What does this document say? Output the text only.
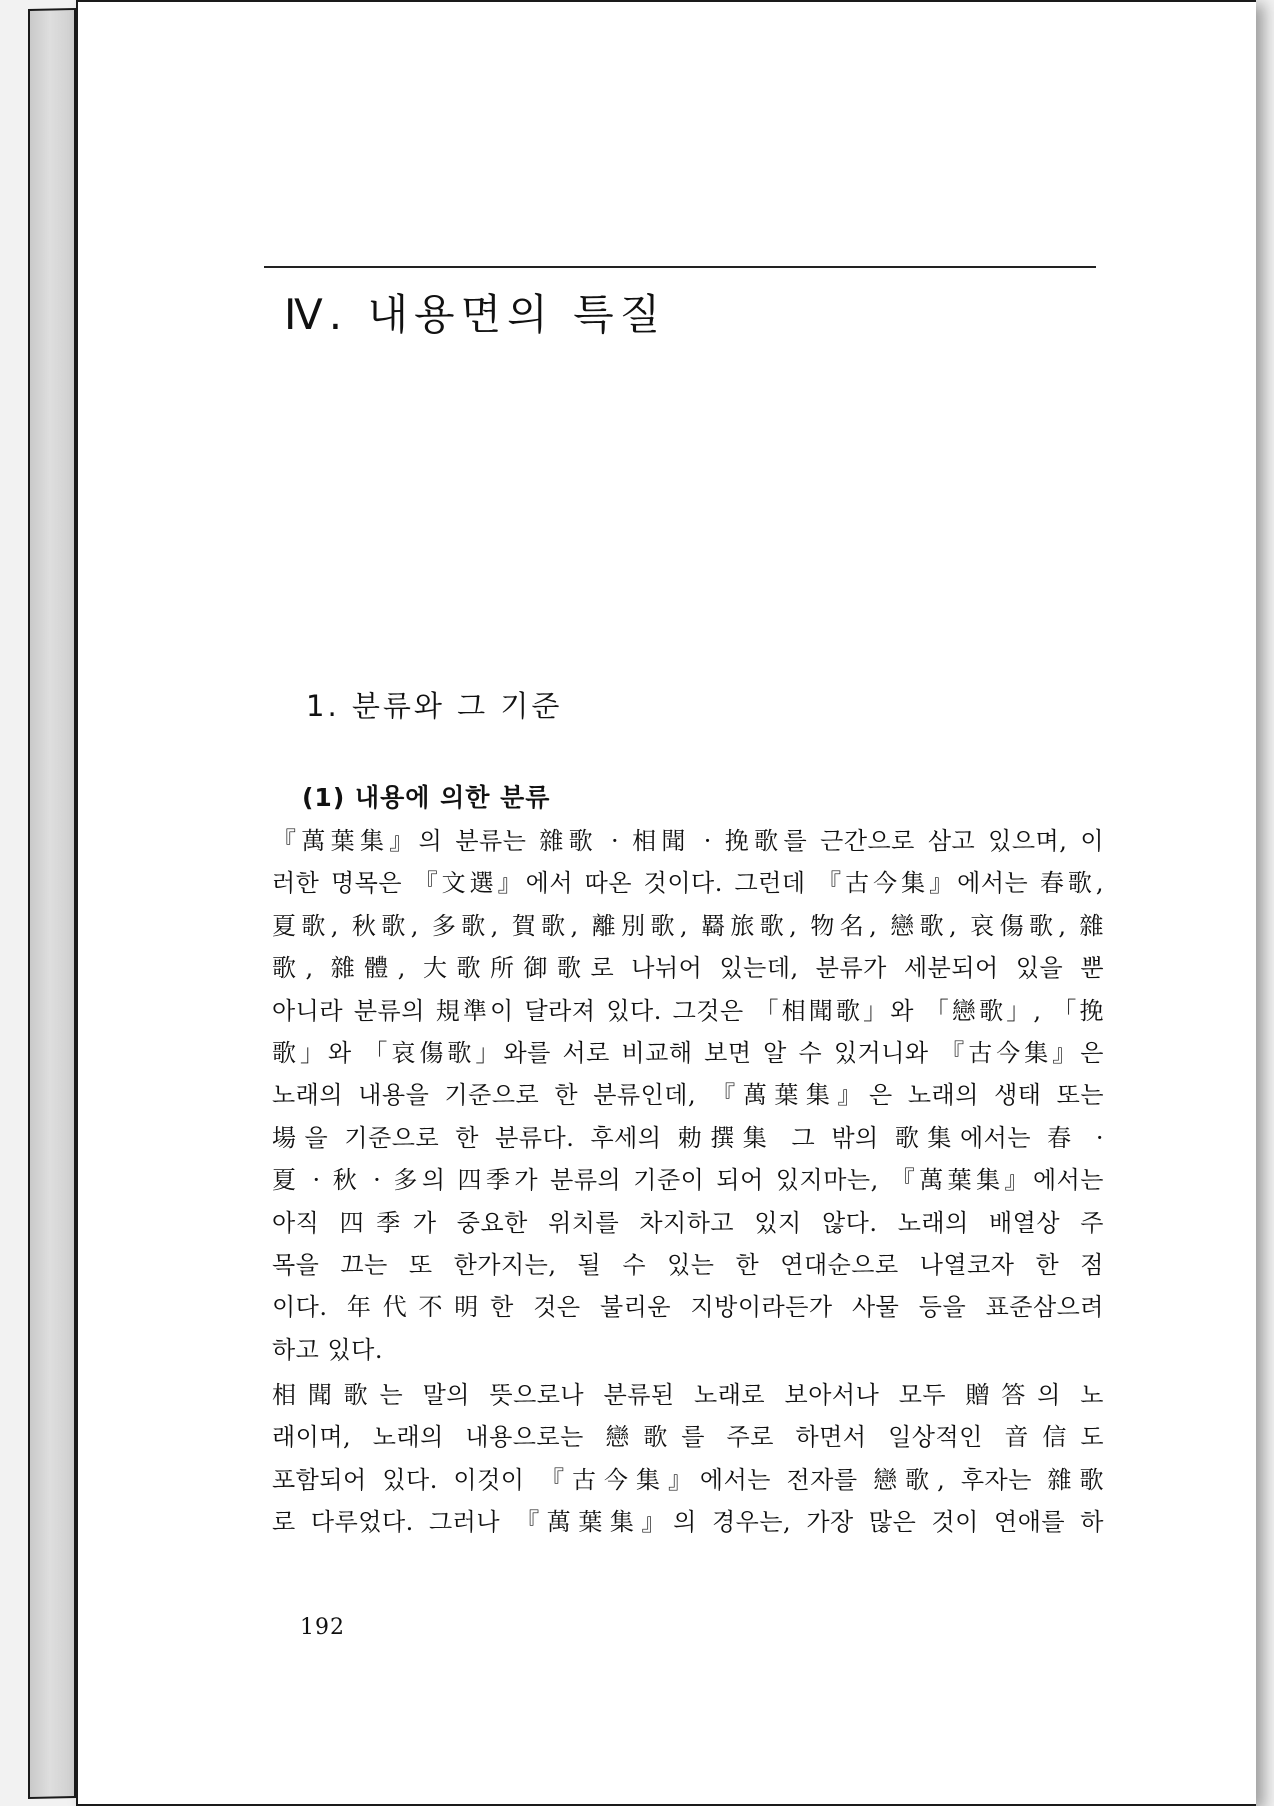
Ⅳ. 내용면의 특질
1. 분류와 그 기준
(1) 내용에 의한 분류
『萬葉集』의 분류는 雜歌 · 相聞 · 挽歌를 근간으로 삼고 있으며, 이
러한 명목은 『文選』에서 따온 것이다. 그런데 『古今集』에서는 春歌,
夏歌, 秋歌, 多歌, 賀歌, 離別歌, 羇旅歌, 物名, 戀歌, 哀傷歌, 雜
歌, 雜體, 大歌所御歌로 나뉘어 있는데, 분류가 세분되어 있을 뿐
아니라 분류의 規準이 달라져 있다. 그것은 「相聞歌」와 「戀歌」, 「挽
歌」와 「哀傷歌」와를 서로 비교해 보면 알 수 있거니와 『古今集』은
노래의 내용을 기준으로 한 분류인데, 『萬葉集』은 노래의 생태 또는
場을 기준으로 한 분류다. 후세의 勅撰集 그 밖의 歌集에서는 春 ·
夏 · 秋 · 多의 四季가 분류의 기준이 되어 있지마는, 『萬葉集』에서는
아직 四季가 중요한 위치를 차지하고 있지 않다. 노래의 배열상 주
목을 끄는 또 한가지는, 될 수 있는 한 연대순으로 나열코자 한 점
이다. 年代不明한 것은 불리운 지방이라든가 사물 등을 표준삼으려
하고 있다.
相聞歌는 말의 뜻으로나 분류된 노래로 보아서나 모두 贈答의 노
래이며, 노래의 내용으로는 戀歌를 주로 하면서 일상적인 音信도
포함되어 있다. 이것이 『古今集』에서는 전자를 戀歌, 후자는 雜歌
로 다루었다. 그러나 『萬葉集』의 경우는, 가장 많은 것이 연애를 하
192
